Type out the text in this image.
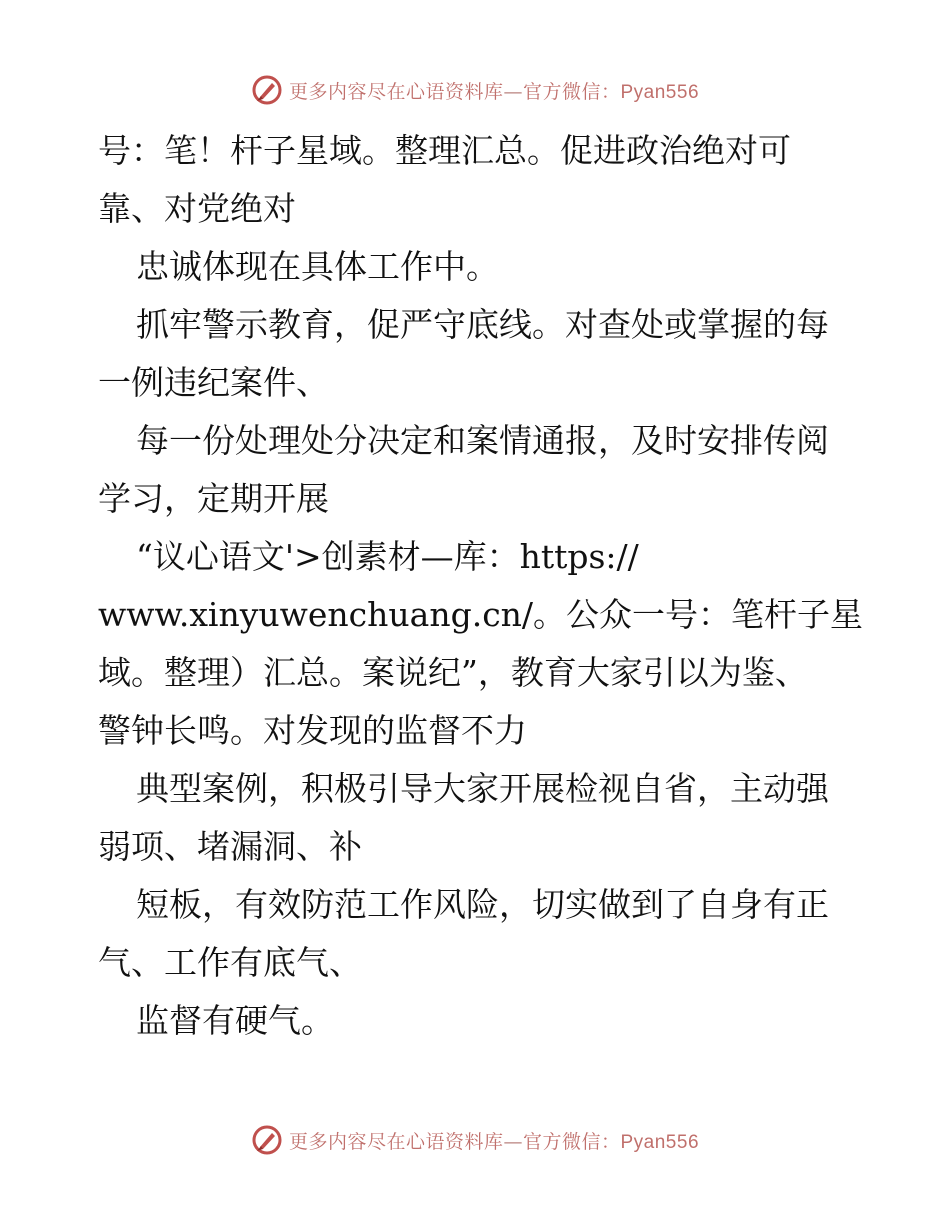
更多内容尽在心语资料库—官方微信：Pyan556

号：笔！杆子星域。整理汇总。促进政治绝对可

靠、对党绝对

忠诚体现在具体工作中。

抓牢警示教育，促严守底线。对查处或掌握的每

一例违纪案件、

每一份处理处分决定和案情通报，及时安排传阅

学习，定期开展

“议心语文'>创素材—库：https://

www.xinyuwenchuang.cn/。公众一号：笔杆子星

域。整理）汇总。案说纪”，教育大家引以为鉴、

警钟长鸣。对发现的监督不力

典型案例，积极引导大家开展检视自省，主动强

弱项、堵漏洞、补

短板，有效防范工作风险，切实做到了自身有正

气、工作有底气、

监督有硬气。

更多内容尽在心语资料库—官方微信：Pyan556
